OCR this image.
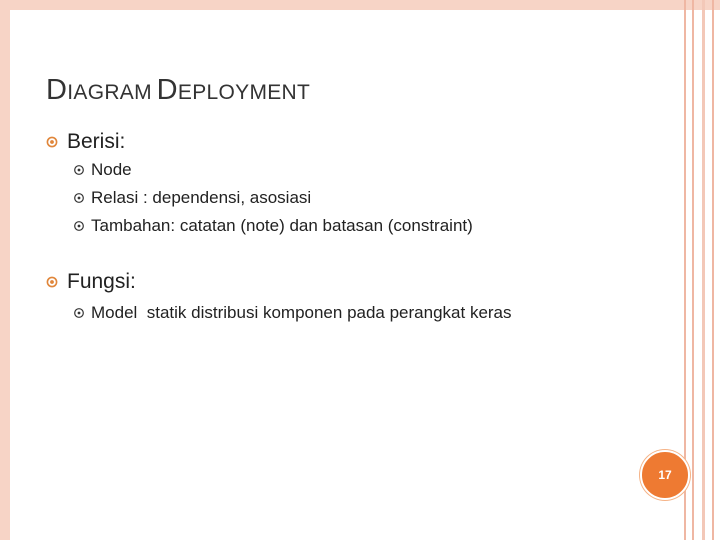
DIAGRAM DEPLOYMENT
Berisi:
Node
Relasi : dependensi, asosiasi
Tambahan: catatan (note) dan batasan (constraint)
Fungsi:
Model  statik distribusi komponen pada perangkat keras
17
